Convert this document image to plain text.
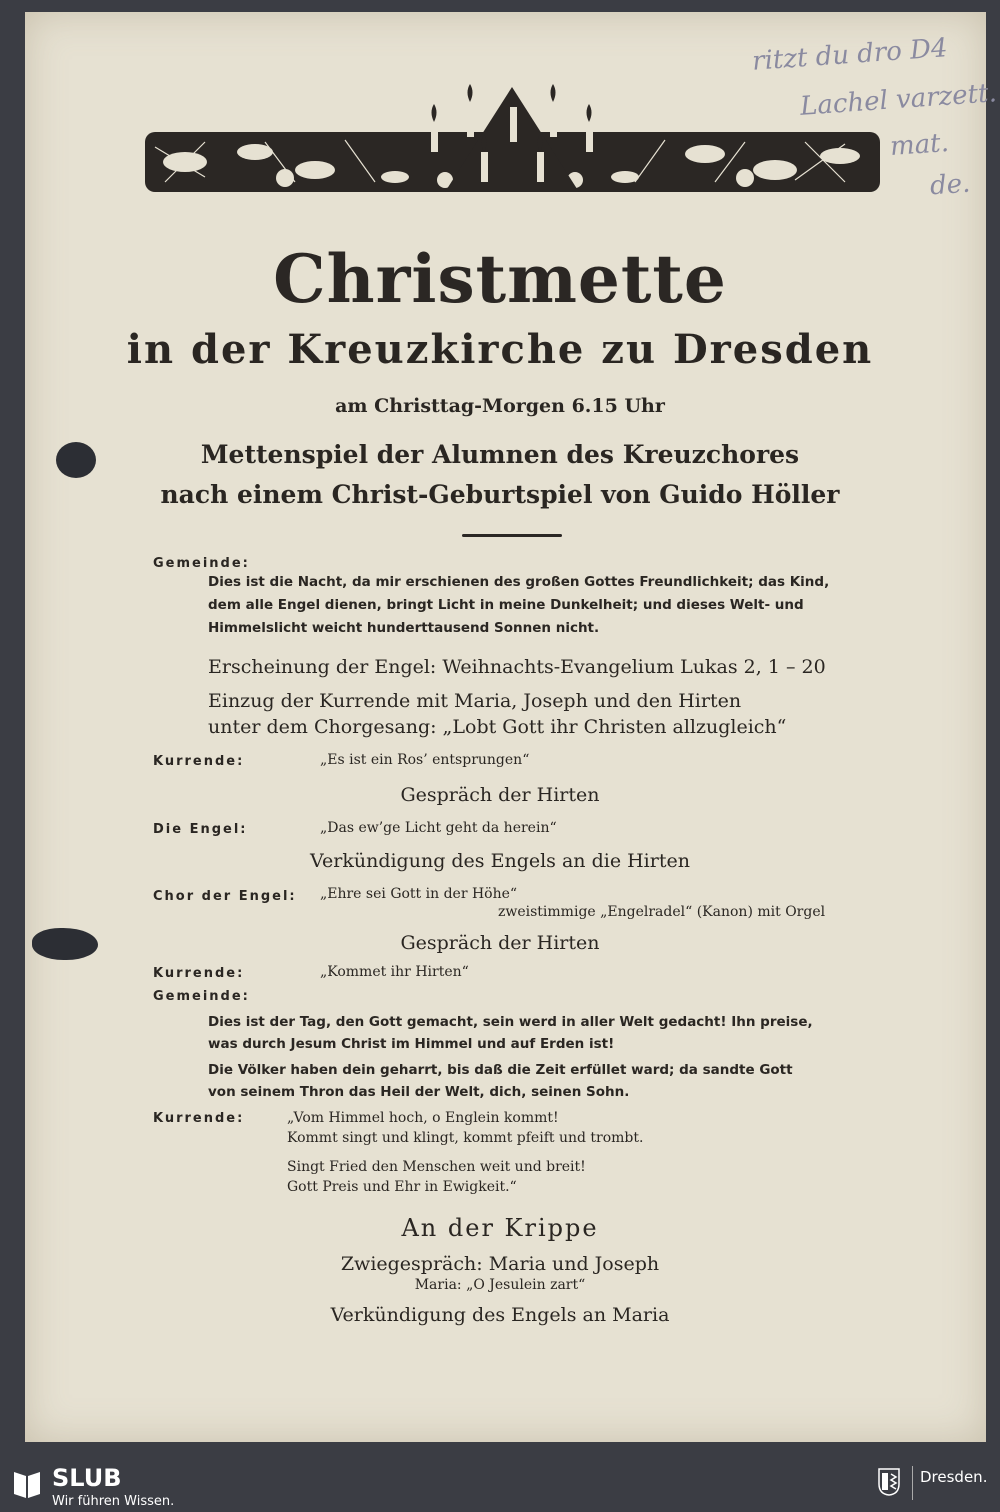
ritzt du dro D4
Lachel varzett.
mat.
de.
Christmette
in der Kreuzkirche zu Dresden
am Christtag-Morgen 6.15 Uhr
Mettenspiel der Alumnen des Kreuzchores
nach einem Christ-Geburtspiel von Guido Höller
Gemeinde:
Dies ist die Nacht, da mir erschienen des großen Gottes Freundlichkeit; das Kind,
dem alle Engel dienen, bringt Licht in meine Dunkelheit; und dieses Welt- und
Himmelslicht weicht hunderttausend Sonnen nicht.
Erscheinung der Engel: Weihnachts-Evangelium Lukas 2, 1 – 20
Einzug der Kurrende mit Maria, Joseph und den Hirten
unter dem Chorgesang: „Lobt Gott ihr Christen allzugleich“
Kurrende:	„Es ist ein Ros’ entsprungen“
Gespräch der Hirten
Die Engel:	„Das ew’ge Licht geht da herein“
Verkündigung des Engels an die Hirten
Chor der Engel: „Ehre sei Gott in der Höhe“
zweistimmige „Engelradel“ (Kanon) mit Orgel
Gespräch der Hirten
Kurrende:	„Kommet ihr Hirten“
Gemeinde:
Dies ist der Tag, den Gott gemacht, sein werd in aller Welt gedacht! Ihn preise,
was durch Jesum Christ im Himmel und auf Erden ist!
Die Völker haben dein geharrt, bis daß die Zeit erfüllet ward; da sandte Gott
von seinem Thron das Heil der Welt, dich, seinen Sohn.
Kurrende:	„Vom Himmel hoch, o Englein kommt!
Kommt singt und klingt, kommt pfeift und trombt.
Singt Fried den Menschen weit und breit!
Gott Preis und Ehr in Ewigkeit.“
An der Krippe
Zwiegespräch: Maria und Joseph
Maria: „O Jesulein zart“
Verkündigung des Engels an Maria
SLUB
Wir führen Wissen.
Dresden.
